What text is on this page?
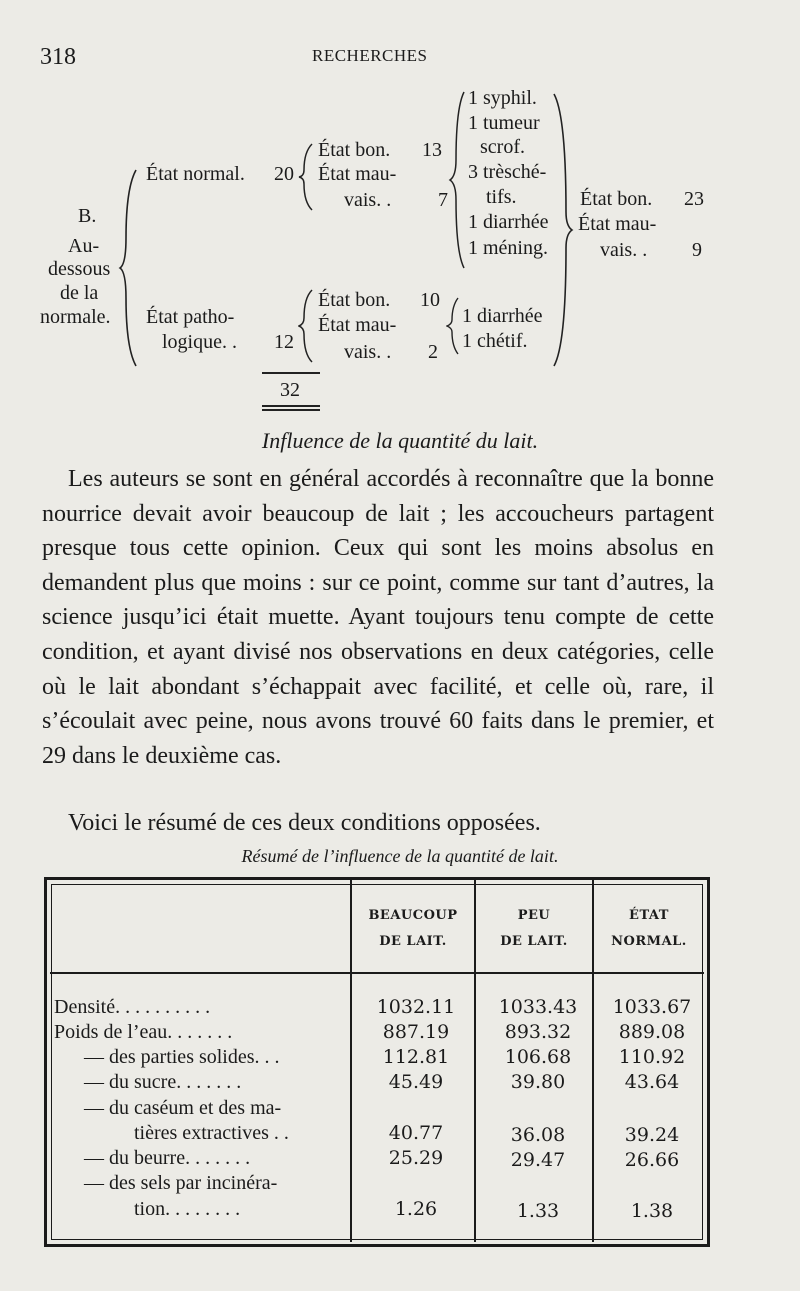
318	RECHERCHES
B.
Au-
dessous
de la
normale.
État normal. 20
État bon. 13
État mau-
vais. . 7
1 syphil.
1 tumeur
scrof.
3 trèsché-
tifs.
1 diarrhée
1 méning.
État patho-
logique. . 12
État bon. 10
État mau-
vais. . 2
1 diarrhée
1 chétif.
État bon. 23
État mau-
vais. . 9
32
Influence de la quantité du lait.
Les auteurs se sont en général accordés à reconnaître que la bonne nourrice devait avoir beaucoup de lait ; les accoucheurs partagent presque tous cette opinion. Ceux qui sont les moins absolus en demandent plus que moins : sur ce point, comme sur tant d’autres, la science jusqu’ici était muette. Ayant toujours tenu compte de cette condition, et ayant divisé nos observations en deux catégories, celle où le lait abondant s’échappait avec facilité, et celle où, rare, il s’écoulait avec peine, nous avons trouvé 60 faits dans le premier, et 29 dans le deuxième cas.
Voici le résumé de ces deux conditions opposées.
Résumé de l’influence de la quantité de lait.
BEAUCOUP
DE LAIT.
PEU
DE LAIT.
ÉTAT
NORMAL.
Densité. . . . . . . . . .	1032.11	1033.43	1033.67
Poids de l’eau. . . . . . .	887.19	893.32	889.08
— des parties solides. . .	112.81	106.68	110.92
— du sucre. . . . . . .	45.49	39.80	43.64
— du caséum et des ma-
tières extractives . .	40.77	36.08	39.24
— du beurre. . . . . . .	25.29	29.47	26.66
— des sels par incinéra-
tion. . . . . . . .	1.26	1.33	1.38
